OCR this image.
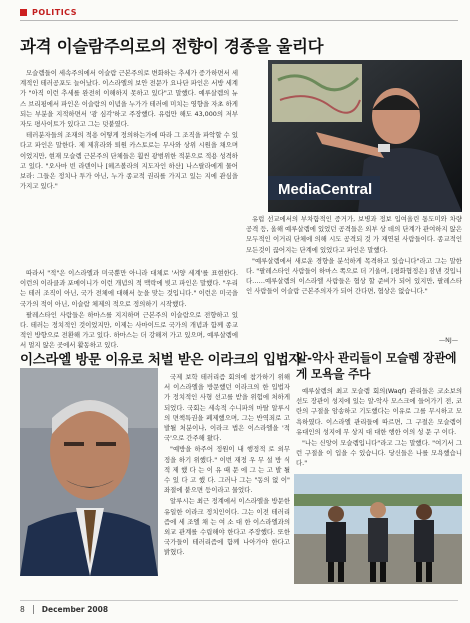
POLITICS
과격 이슬람주의로의 전향이 경종을 울리다

모슬렘들이 세속주의에서 이슬람 근본주의로 변화하는 추세가 증가하면서 세계적인 테러공포도 늘어났다. 이스라엘의 보안 전문가 요나단 파인은 서방 세계가 "아직 이런 추세를 완전히 이해하지 못하고 있다"고 말했다. 예루살렘의 뉴스 브리핑에서 파인은 이슬람의 이념을 누가가 테러에 미치는 영향을 자초 하게 되는 부분을 지적하면서 '광 심각'하고 주장했다. 유럽만 해도 43,000의 저부자도 평사이트가 있다고 그는 덧붙였다.

테러분자들의 조재의 적용 어떻게 정의하는가에 따라 그 조직을 파악할 수 있다고 파인은 말한다. 제 제휴라와 퇴원 카스토로는 무사와 상위 시원을 채으며 이었지만, 현재 모슬렘 근본주의 단체들은 훨씬 광범위한 적분으로 적용 성격하고 있다. "오사마 빈 라덴이나 [헤즈볼라의 지도자인 하산] 나스랄라에게 물어보라: 그들은 정치나 투가 아닌, 누가 종교적 권리를 가지고 있는 지에 관심을 가지고 있다."	MediaCentral

따라서 "적"은 이스라엘과 미국뿐만 아니라 대체로 '서양 세계'를 표현한다. 이런의 이라클과 포메이니가 이런 개념의 적 맥락에 빚고 파인은 말했다. "우리는 테러 조직이 아닌, 국가 전체에 대해서 눈을 맞는 것입니다." 이런은 미국을 국가의 적이 아닌, 이슬람 체제의 적으로 정의하기 시작했다.

팔레스타인 사람들은 하마스를 지지하며 근본주의 이슬람으로 전향하고 있다. 테러는 정치적인 것이었지만, 이제는 사마이드로 국가의 개념과 함께 종교적인 방향으로 전환해 가고 있다. 하마스는 더 강해져 가고 있으며, 예루살렘에서 멀지 않은 곳에서 활동하고 있다.

유럽 선교에서의 부차함적인 증거가, 보병과 정보 입여올린 통도미와 차량 공격 등, 올해 예루살렘에 있었던 공격들은 외부 상 데의 단계가 관여하지 않은 모두적인 이거리 단체에 의해 시도 공격되 것 가 재연된 사람들이다. 종교적인 모든것이 끊어지는 단계에 있었다고 파인은 말했다.

"예루살렘에서 새로운 경향을 분석하게 목격하고 있습니다"라고 그는 말한다. "팔레스타인 사람들이 하마스 쪽으로 더 기울며, [평화협정은] 잠낸 것입니다……예루살렘의 이스라엘 사람들은 협상 할 준비가 되어 있지만, 팔레스타인 사람들이 이슬람 근본주의자가 되어 간다면, 협상은 없습니다."

—NJ—
이스라엘 방문 이유로 처벌 받은 이라크의 입법자

국제 보학 테러리즘 회의에 참가하기 위해서 이스라엘을 방문했던 이라크의 한 입법자가 정치적인 사형 선고를 받을 위험에 처하게 되었다. 국회는 세속적 수니파의 마탈 알루시의 면책특권을 폐제했으며, 그는 반역죄로 고발될 처분이나, 이라크 법은 이스라엘을 '적국'으로 간주해 왔다.

"예방을 하주어 정원이 내 행정적 로 외무정을 하기 위했다." 이번 재정 우 무 설 방 식 적 제 했 다 는 이 유 때 문 에 그 는 고 발 될 수 있 다 고 했 다. 그러나 그는 "동의 없 이" 좌절에 붙으면 등이라고 물었다.

알루시는 최근 정계에서 이스라엘을 방문한 유일한 이라크 정치인이다. 그는 이전 테러리즘에 세 조엘 채 는 여 소 대 한 이스라엘과의 외교 관계를 수립해야 한다고 주장했다. 또한 국가들이 테러리즘에 함께 나아가야 한다고 밝혔다.

알-악사 관리들이 모슬렘 장관에게 모욕을 주다

예루살렘의 최고 모슬렘 회의(Waqf) 관리들은 코소보의 선도 장관이 성지에 있는 알-악사 모스크에 들어가기 전, 코란의 구절을 암송하고 기도했다는 이유로 그를 무시하고 모욕하였다. 이스라엘 관리들에 따르면, 그 구절은 모슬렘이 유대인의 성지에 무 상지 대 대한 행한 이의 성 문 구 이다.

"나는 신앙이 모슬렘입니다"라고 그는 말했다. "여기서 그런 구절을 이 입을 수 있습니다. 당신들은 나를 모욕했습니다."

8 December 2008
